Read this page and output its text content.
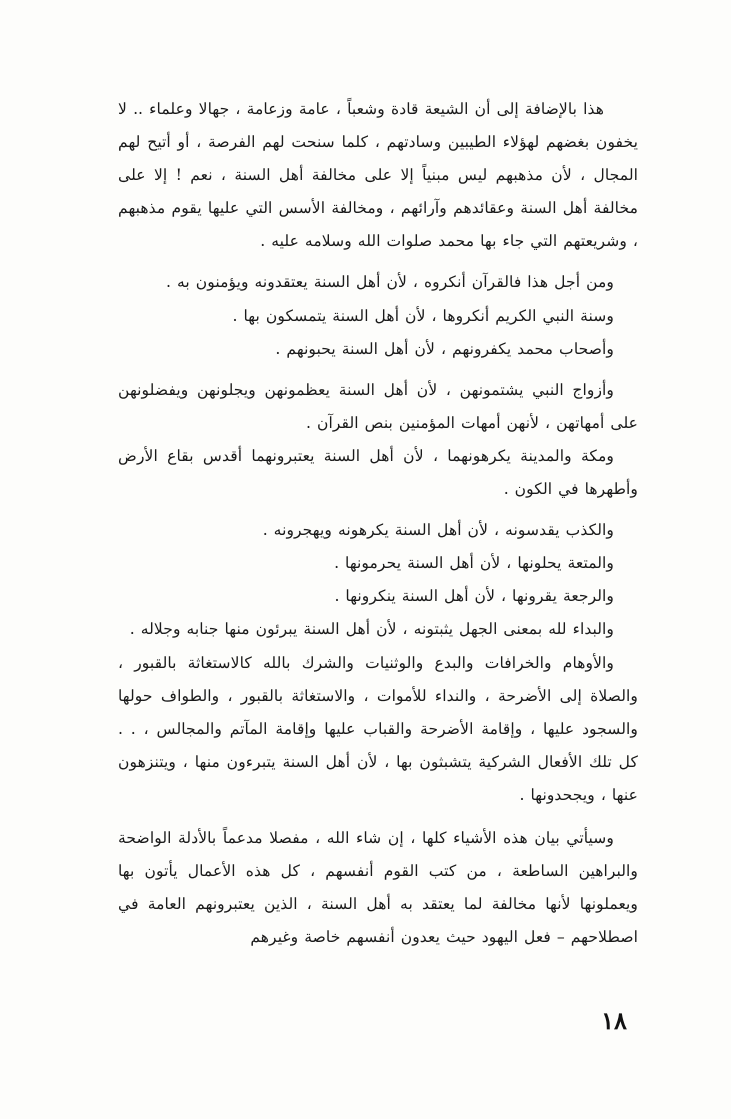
هذا بالإضافة إلى أن الشيعة قادة وشعباً ، عامة وزعامة ، جهالا وعلماء .. لا يخفون بغضهم لهؤلاء الطيبين وسادتهم ، كلما سنحت لهم الفرصة ، أو أتيح لهم المجال ، لأن مذهبهم ليس مبنياً إلا على مخالفة أهل السنة ، نعم ! إلا على مخالفة أهل السنة وعقائدهم وآرائهم ، ومخالفة الأسس التي عليها يقوم مذهبهم ، وشريعتهم التي جاء بها محمد صلوات الله وسلامه عليه .

ومن أجل هذا فالقرآن أنكروه ، لأن أهل السنة يعتقدونه ويؤمنون به .

وسنة النبي الكريم أنكروها ، لأن أهل السنة يتمسكون بها .

وأصحاب محمد يكفرونهم ، لأن أهل السنة يحبونهم .

وأزواج النبي يشتمونهن ، لأن أهل السنة يعظمونهن ويجلونهن ويفضلونهن على أمهاتهن ، لأنهن أمهات المؤمنين بنص القرآن .

ومكة والمدينة يكرهونهما ، لأن أهل السنة يعتبرونهما أقدس بقاع الأرض وأطهرها في الكون .

والكذب يقدسونه ، لأن أهل السنة يكرهونه ويهجرونه .

والمتعة يحلونها ، لأن أهل السنة يحرمونها .

والرجعة يقرونها ، لأن أهل السنة ينكرونها .

والبداء لله بمعنى الجهل يثبتونه ، لأن أهل السنة يبرئون منها جنابه وجلاله .

والأوهام والخرافات والبدع والوثنيات والشرك بالله كالاستغاثة بالقبور ، والصلاة إلى الأضرحة ، والنداء للأموات ، والاستغاثة بالقبور ، والطواف حولها والسجود عليها ، وإقامة الأضرحة والقباب عليها وإقامة المآتم والمجالس ، . . كل تلك الأفعال الشركية يتشبثون بها ، لأن أهل السنة يتبرءون منها ، ويتنزهون عنها ، ويجحدونها .

وسيأتي بيان هذه الأشياء كلها ، إن شاء الله ، مفصلا مدعماً بالأدلة الواضحة والبراهين الساطعة ، من كتب القوم أنفسهم ، كل هذه الأعمال يأتون بها ويعملونها لأنها مخالفة لما يعتقد به أهل السنة ، الذين يعتبرونهم العامة في اصطلاحهم – فعل اليهود حيث يعدون أنفسهم خاصة وغيرهم

١٨
